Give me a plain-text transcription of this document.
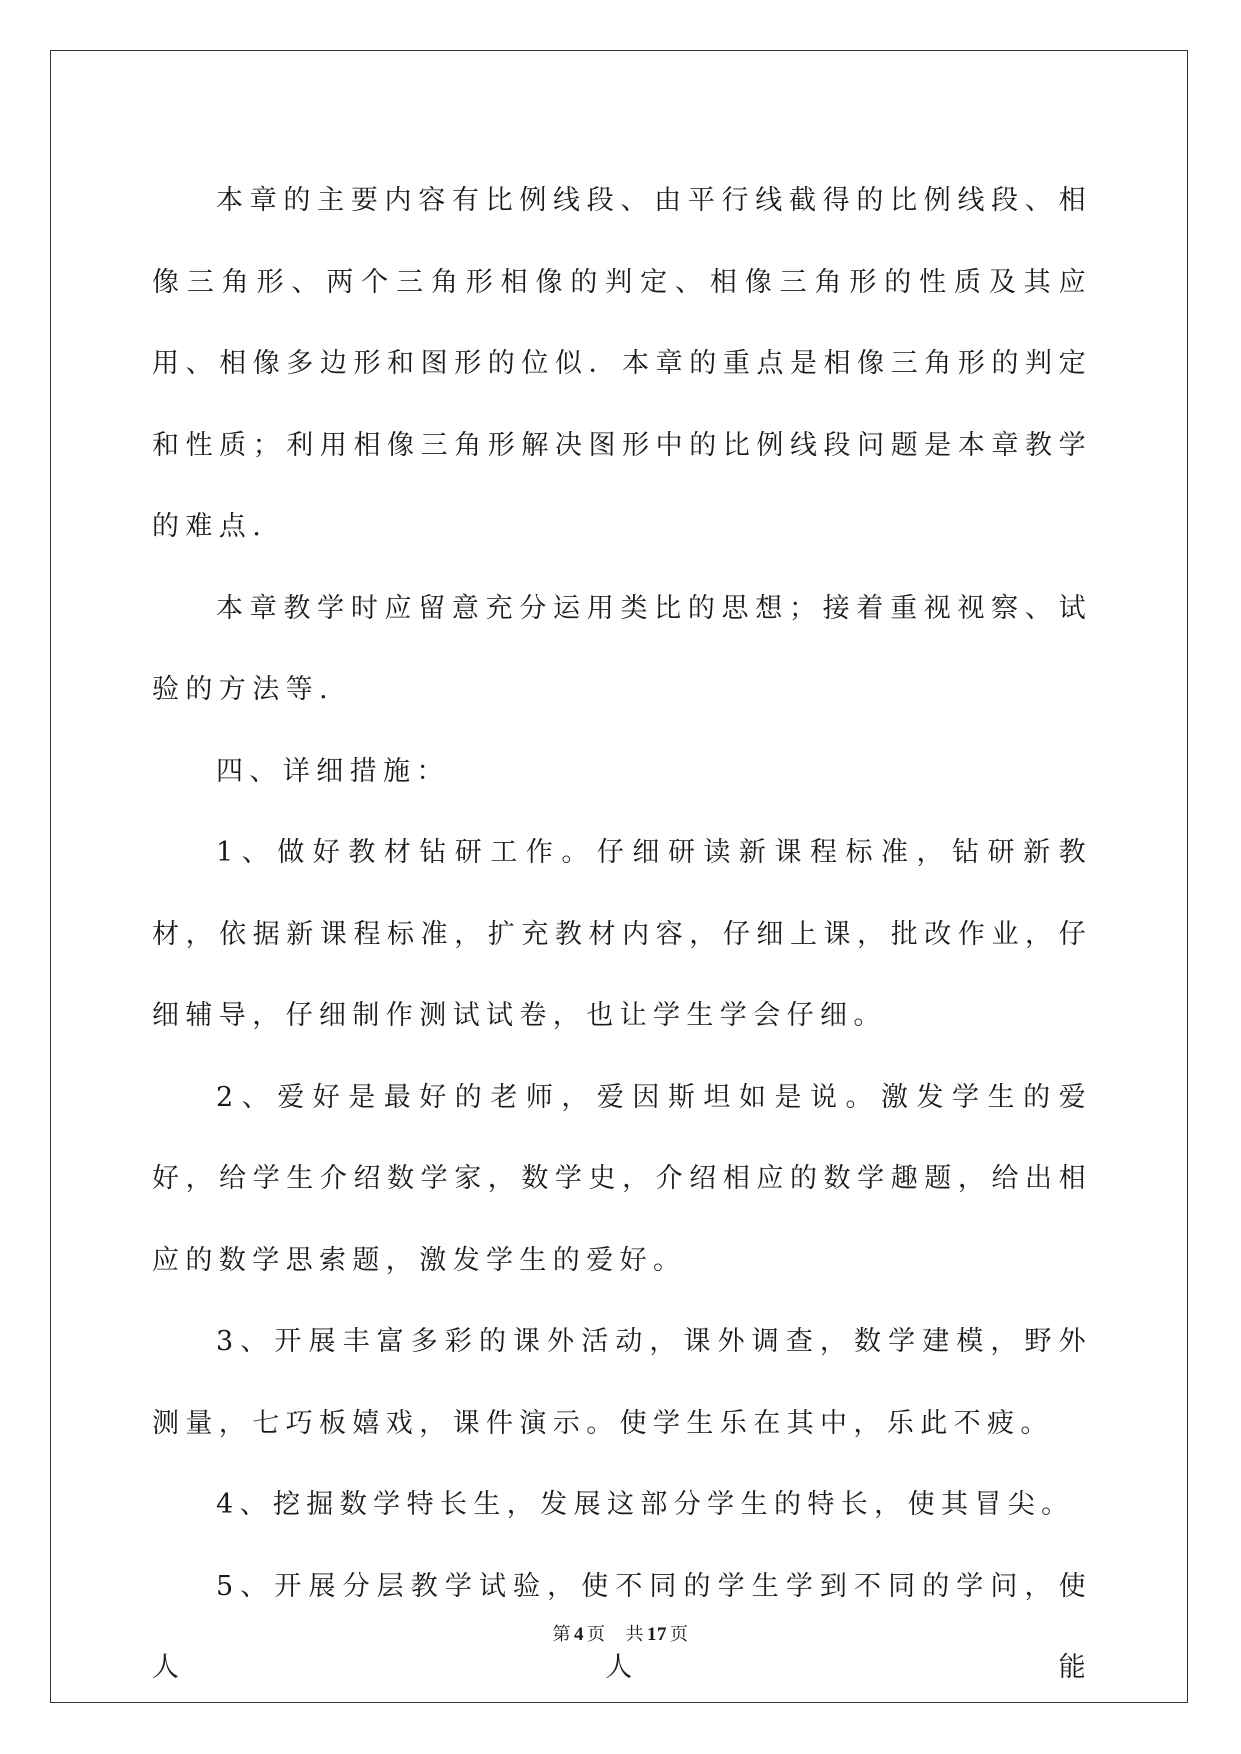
本章的主要内容有比例线段、由平行线截得的比例线段、相像三角形、两个三角形相像的判定、相像三角形的性质及其应用、相像多边形和图形的位似．本章的重点是相像三角形的判定和性质；利用相像三角形解决图形中的比例线段问题是本章教学的难点.

本章教学时应留意充分运用类比的思想；接着重视视察、试验的方法等.

四、详细措施：

1、做好教材钻研工作。仔细研读新课程标准，钻研新教材，依据新课程标准，扩充教材内容，仔细上课，批改作业，仔细辅导，仔细制作测试试卷，也让学生学会仔细。

2、爱好是最好的老师，爱因斯坦如是说。激发学生的爱好，给学生介绍数学家，数学史，介绍相应的数学趣题，给出相应的数学思索题，激发学生的爱好。

3、开展丰富多彩的课外活动，课外调查，数学建模，野外测量，七巧板嬉戏，课件演示。使学生乐在其中，乐此不疲。

4、挖掘数学特长生，发展这部分学生的特长，使其冒尖。

5、开展分层教学试验，使不同的学生学到不同的学问，使人人能

第 4 页 共 17 页
